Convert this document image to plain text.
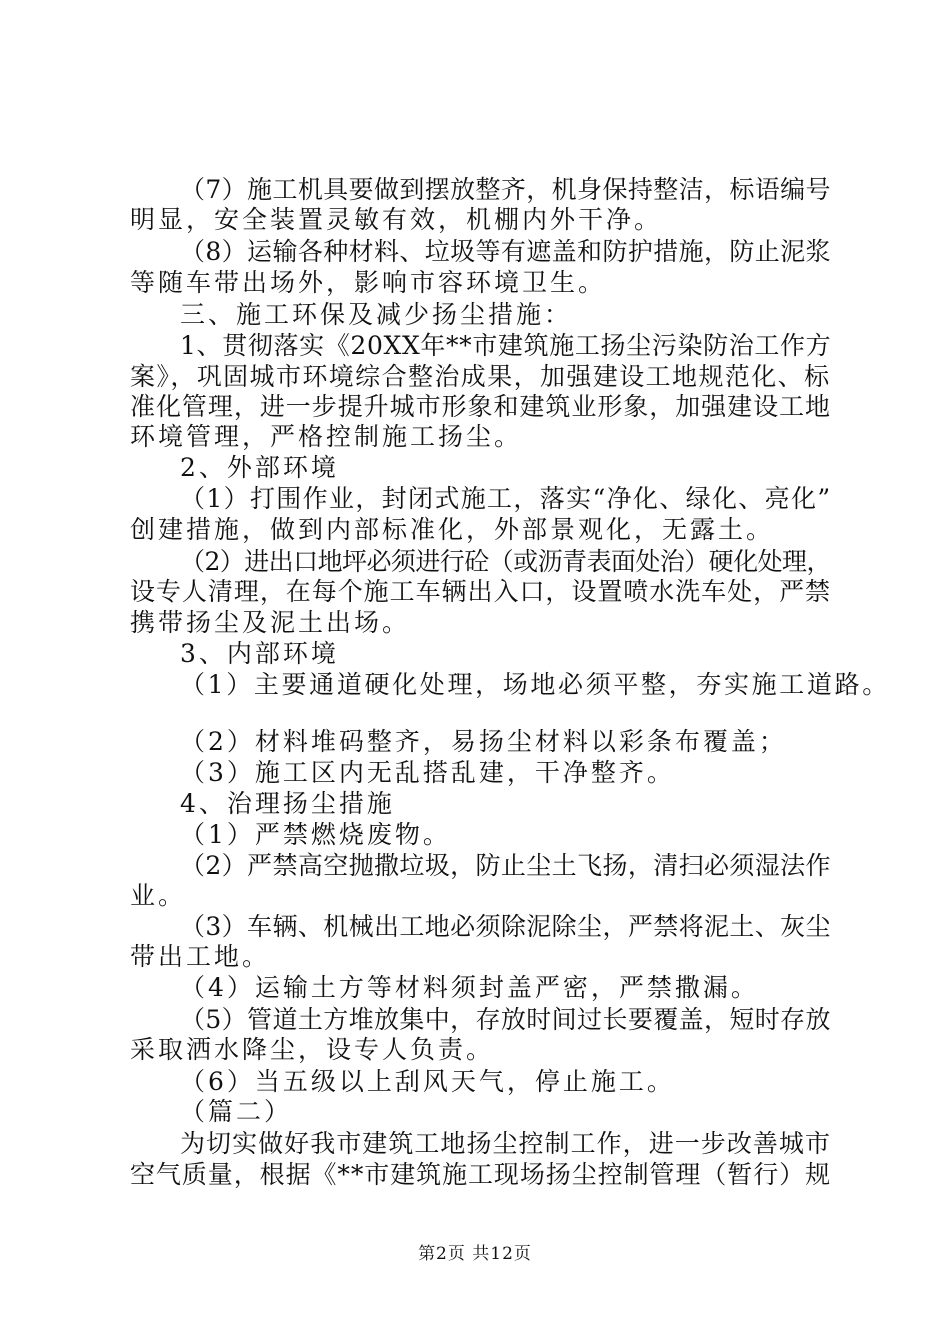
（7）施工机具要做到摆放整齐，机身保持整洁，标语编号
明显，安全装置灵敏有效，机棚内外干净。
（8）运输各种材料、垃圾等有遮盖和防护措施，防止泥浆
等随车带出场外，影响市容环境卫生。
三、施工环保及减少扬尘措施：
1、贯彻落实《20XX年**市建筑施工扬尘污染防治工作方
案》，巩固城市环境综合整治成果，加强建设工地规范化、标
准化管理，进一步提升城市形象和建筑业形象，加强建设工地
环境管理，严格控制施工扬尘。
2、外部环境
（1）打围作业，封闭式施工，落实“净化、绿化、亮化”
创建措施，做到内部标准化，外部景观化，无露土。
（2）进出口地坪必须进行砼（或沥青表面处治）硬化处理，
设专人清理，在每个施工车辆出入口，设置喷水洗车处，严禁
携带扬尘及泥土出场。
3、内部环境
（1）主要通道硬化处理，场地必须平整，夯实施工道路。
（2）材料堆码整齐，易扬尘材料以彩条布覆盖；
（3）施工区内无乱搭乱建，干净整齐。
4、治理扬尘措施
（1）严禁燃烧废物。
（2）严禁高空抛撒垃圾，防止尘土飞扬，清扫必须湿法作
业。
（3）车辆、机械出工地必须除泥除尘，严禁将泥土、灰尘
带出工地。
（4）运输土方等材料须封盖严密，严禁撒漏。
（5）管道土方堆放集中，存放时间过长要覆盖，短时存放
采取洒水降尘，设专人负责。
（6）当五级以上刮风天气，停止施工。
（篇二）
为切实做好我市建筑工地扬尘控制工作，进一步改善城市
空气质量，根据《**市建筑施工现场扬尘控制管理（暂行）规
第2页 共12页
